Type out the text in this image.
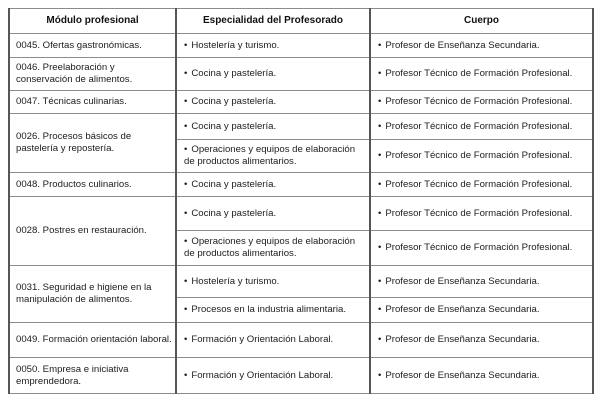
Módulo profesional	Especialidad del Profesorado	Cuerpo
0045. Ofertas gastronómicas.	• Hostelería y turismo.	• Profesor de Enseñanza Secundaria.
0046. Preelaboración y conservación de alimentos.	• Cocina y pastelería.	• Profesor Técnico de Formación Profesional.
0047. Técnicas culinarias.	• Cocina y pastelería.	• Profesor Técnico de Formación Profesional.
0026. Procesos básicos de pastelería y repostería.	• Cocina y pastelería.	• Profesor Técnico de Formación Profesional.
	• Operaciones y equipos de elaboración de productos alimentarios.	• Profesor Técnico de Formación Profesional.
0048. Productos culinarios.	• Cocina y pastelería.	• Profesor Técnico de Formación Profesional.
0028. Postres en restauración.	• Cocina y pastelería.	• Profesor Técnico de Formación Profesional.
	• Operaciones y equipos de elaboración de productos alimentarios.	• Profesor Técnico de Formación Profesional.
0031. Seguridad e higiene en la manipulación de alimentos.	• Hostelería y turismo.	• Profesor de Enseñanza Secundaria.
	• Procesos en la industria alimentaria.	• Profesor de Enseñanza Secundaria.
0049. Formación orientación laboral.	• Formación y Orientación Laboral.	• Profesor de Enseñanza Secundaria.
0050. Empresa e iniciativa emprendedora.	• Formación y Orientación Laboral.	• Profesor de Enseñanza Secundaria.
